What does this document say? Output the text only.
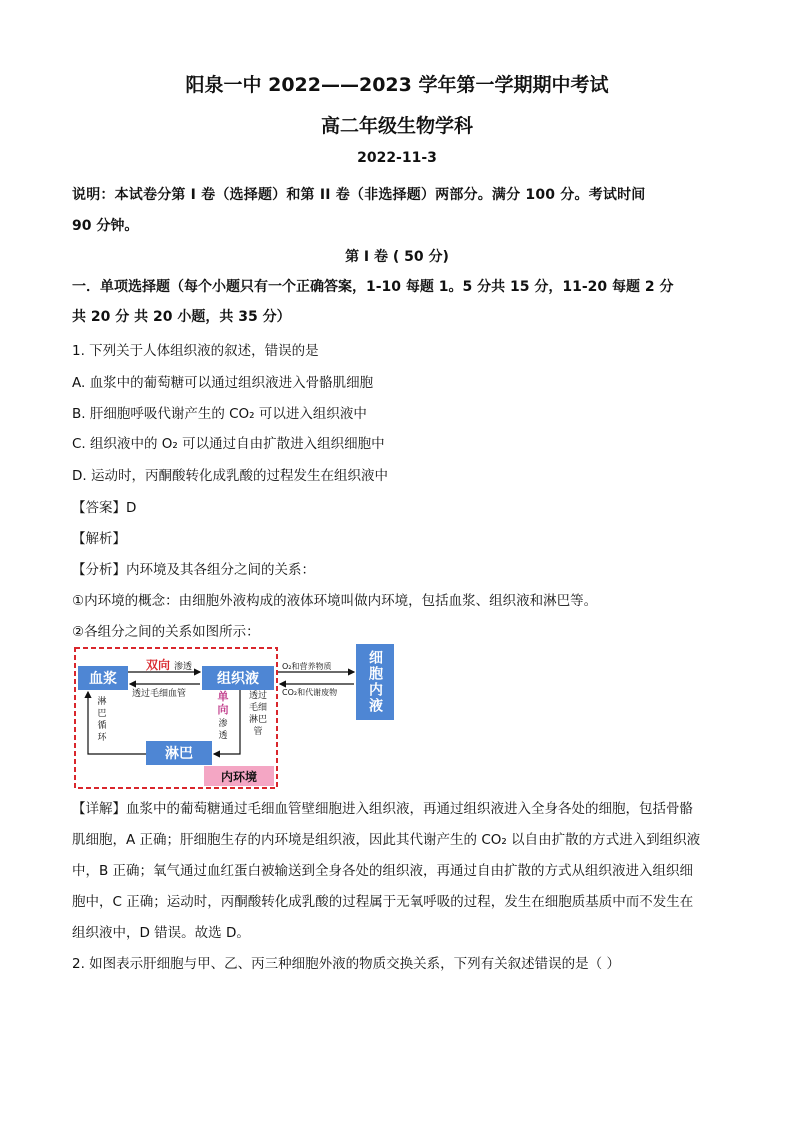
阳泉一中 2022——2023 学年第一学期期中考试
高二年级生物学科
2022-11-3
说明：本试卷分第 I 卷（选择题）和第 II 卷（非选择题）两部分。满分 100 分。考试时间
90 分钟。
第 I 卷 ( 50 分)
一．单项选择题（每个小题只有一个正确答案，1-10 每题 1。5 分共 15 分，11-20 每题 2 分
共 20 分 共 20 小题，共 35 分）
1. 下列关于人体组织液的叙述，错误的是
A. 血浆中的葡萄糖可以通过组织液进入骨骼肌细胞
B. 肝细胞呼吸代谢产生的 CO₂ 可以进入组织液中
C. 组织液中的 O₂ 可以通过自由扩散进入组织细胞中
D. 运动时，丙酮酸转化成乳酸的过程发生在组织液中
【答案】D
【解析】
【分析】内环境及其各组分之间的关系：
①内环境的概念：由细胞外液构成的液体环境叫做内环境，包括血浆、组织液和淋巴等。
②各组分之间的关系如图所示：
血浆	组织液
淋巴
细胞内液
内环境
双向 渗透
透过毛细血管
淋巴循环
单向
渗透
透过毛细淋巴管
O₂和营养物质
CO₂和代谢废物
【详解】血浆中的葡萄糖通过毛细血管壁细胞进入组织液，再通过组织液进入全身各处的细胞，包括骨骼
肌细胞，A 正确；肝细胞生存的内环境是组织液，因此其代谢产生的 CO₂ 以自由扩散的方式进入到组织液
中，B 正确；氧气通过血红蛋白被输送到全身各处的组织液，再通过自由扩散的方式从组织液进入组织细
胞中，C 正确；运动时，丙酮酸转化成乳酸的过程属于无氧呼吸的过程，发生在细胞质基质中而不发生在
组织液中，D 错误。故选 D。
2. 如图表示肝细胞与甲、乙、丙三种细胞外液的物质交换关系，下列有关叙述错误的是（ ）
